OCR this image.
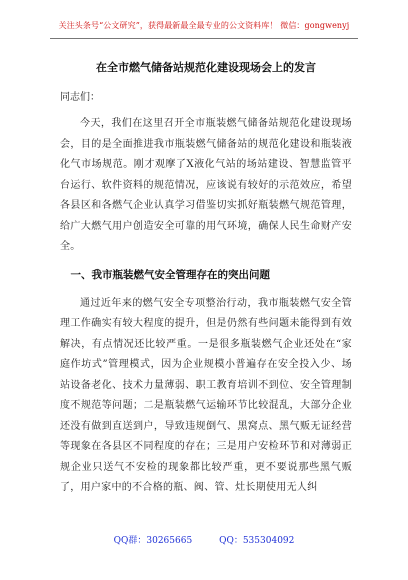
关注头条号“公文研究”，获得最新最全最专业的公文资料库！ 微信：gongwenyj
在全市燃气储备站规范化建设现场会上的发言

同志们：

今天，我们在这里召开全市瓶装燃气储备站规范化建设现场会，目的是全面推进我市瓶装燃气储备站的规范化建设和瓶装液化气市场规范。刚才观摩了X液化气站的场站建设、智慧监管平台运行、软件资料的规范情况，应该说有较好的示范效应，希望各县区和各燃气企业认真学习借鉴切实抓好瓶装燃气规范管理，给广大燃气用户创造安全可靠的用气环境，确保人民生命财产安全。

一、我市瓶装燃气安全管理存在的突出问题

通过近年来的燃气安全专项整治行动，我市瓶装燃气安全管理工作确实有较大程度的提升，但是仍然有些问题未能得到有效解决，有点情况还比较严重。一是很多瓶装燃气企业还处在“家庭作坊式”管理模式，因为企业规模小普遍存在安全投入少、场站设备老化、技术力量薄弱、职工教育培训不到位、安全管理制度不规范等问题；二是瓶装燃气运输环节比较混乱，大部分企业还没有做到直送到户，导致违规倒气、黑窝点、黑气贩无证经营等现象在各县区不同程度的存在；三是用户安检环节和对薄弱正规企业只送气不安检的现象都比较严重，更不要说那些黑气贩了，用户家中的不合格的瓶、阀、管、灶长期使用无人纠

QQ群：30265665	QQ：535304092
